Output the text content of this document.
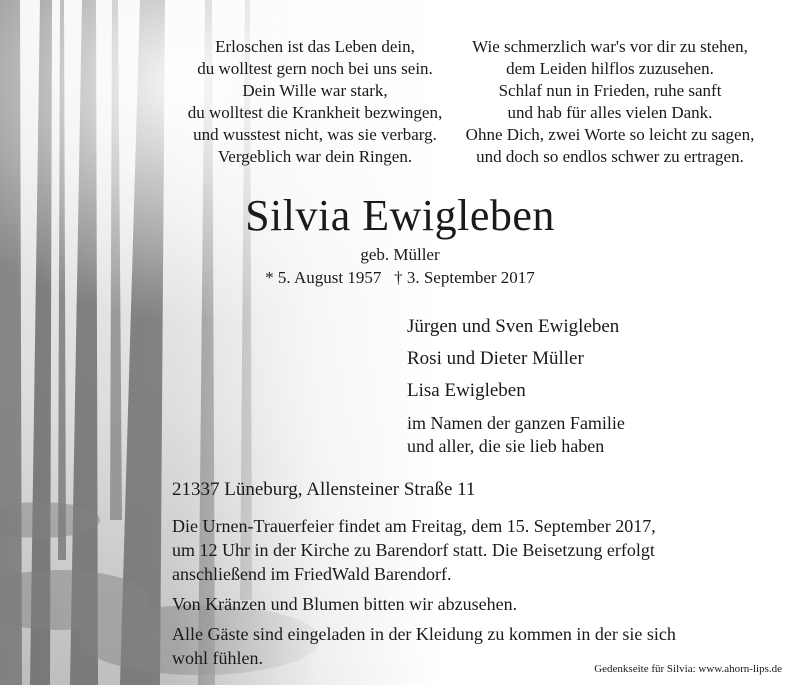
Erloschen ist das Leben dein,
du wolltest gern noch bei uns sein.
Dein Wille war stark,
du wolltest die Krankheit bezwingen,
und wusstest nicht, was sie verbarg.
Vergeblich war dein Ringen.
Wie schmerzlich war's vor dir zu stehen,
dem Leiden hilflos zuzusehen.
Schlaf nun in Frieden, ruhe sanft
und hab für alles vielen Dank.
Ohne Dich, zwei Worte so leicht zu sagen,
und doch so endlos schwer zu ertragen.
Silvia Ewigleben
geb. Müller
* 5. August 1957   † 3. September 2017
Jürgen und Sven Ewigleben
Rosi und Dieter Müller
Lisa Ewigleben
im Namen der ganzen Familie
und aller, die sie lieb haben
21337 Lüneburg, Allensteiner Straße 11
Die Urnen-Trauerfeier findet am Freitag, dem 15. September 2017,
um 12 Uhr in der Kirche zu Barendorf statt. Die Beisetzung erfolgt
anschließend im FriedWald Barendorf.
Von Kränzen und Blumen bitten wir abzusehen.
Alle Gäste sind eingeladen in der Kleidung zu kommen in der sie sich
wohl fühlen.
Gedenkseite für Silvia: www.ahorn-lips.de
